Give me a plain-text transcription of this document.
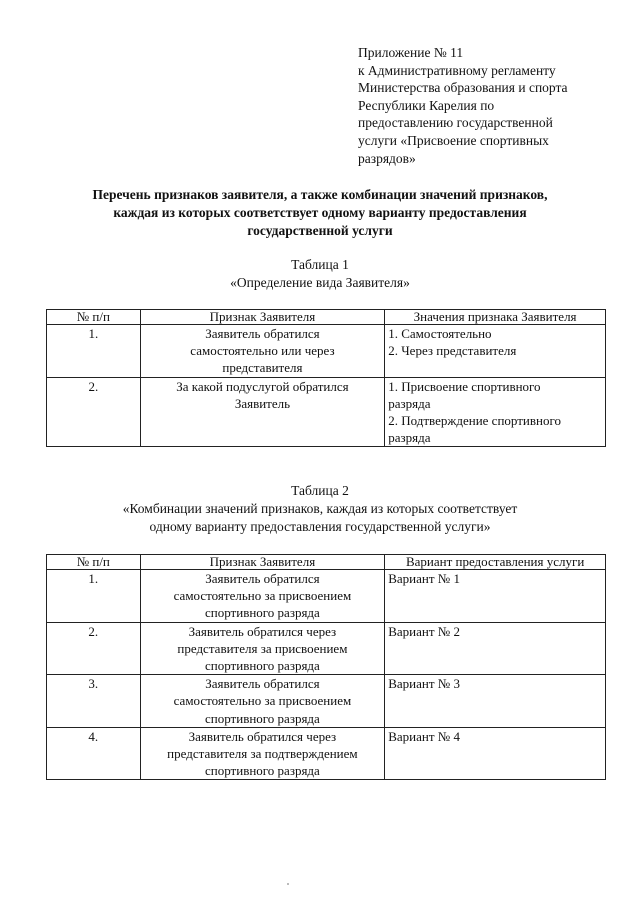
Приложение № 11
к Административному регламенту
Министерства образования и спорта
Республики Карелия по
предоставлению государственной
услуги «Присвоение спортивных
разрядов»
Перечень признаков заявителя, а также комбинации значений признаков,
каждая из которых соответствует одному варианту предоставления
государственной услуги
Таблица 1
«Определение вида Заявителя»
№ п/п	Признак Заявителя	Значения признака Заявителя
1.	Заявитель обратился
самостоятельно или через
представителя	1. Самостоятельно
2. Через представителя

2.	За какой подуслугой обратился
Заявитель	1. Присвоение спортивного
разряда
2. Подтверждение спортивного
разряда
Таблица 2
«Комбинации значений признаков, каждая из которых соответствует
одному варианту предоставления государственной услуги»
№ п/п	Признак Заявителя	Вариант предоставления услуги
1.	Заявитель обратился
самостоятельно за присвоением
спортивного разряда	Вариант № 1
2.	Заявитель обратился через
представителя за присвоением
спортивного разряда	Вариант № 2
3.	Заявитель обратился
самостоятельно за присвоением
спортивного разряда	Вариант № 3
4.	Заявитель обратился через
представителя за подтверждением
спортивного разряда	Вариант № 4
